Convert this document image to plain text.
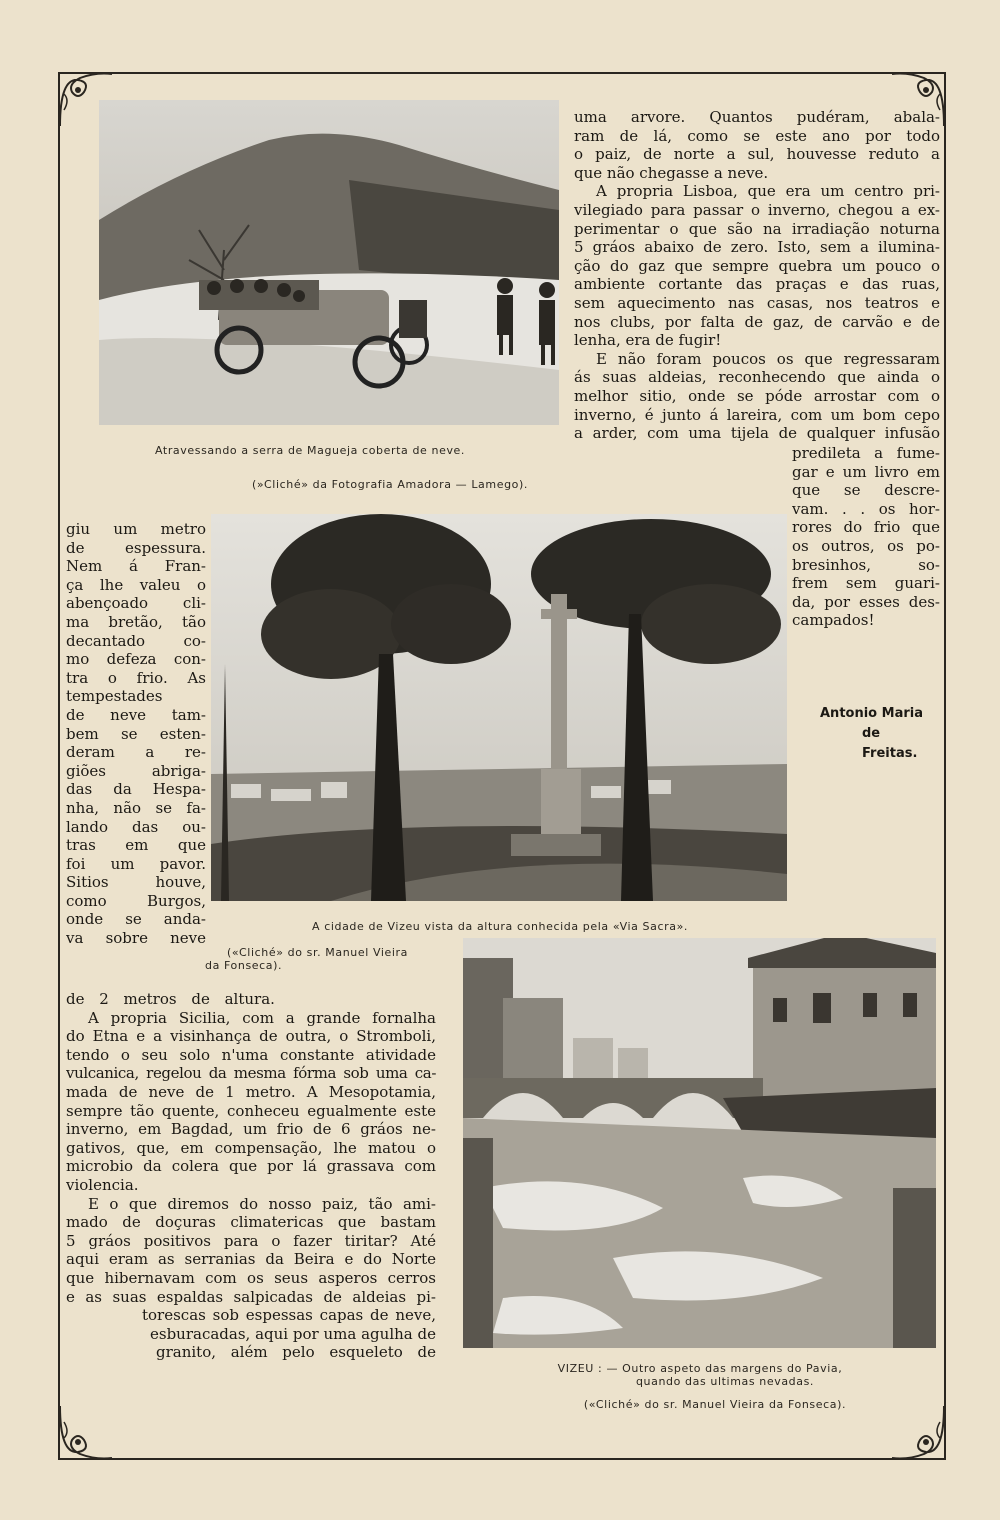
Atravessando a serra de Magueja coberta de neve.
(»Cliché» da Fotografia Amadora — Lamego).
uma arvore. Quantos pudéram, abala-
ram de lá, como se este ano por todo
o paiz, de norte a sul, houvesse reduto a
que não chegasse a neve.
A propria Lisboa, que era um centro pri-
vilegiado para passar o inverno, chegou a ex-
perimentar o que são na irradiação noturna
5 gráos abaixo de zero. Isto, sem a ilumina-
ção do gaz que sempre quebra um pouco o
ambiente cortante das praças e das ruas,
sem aquecimento nas casas, nos teatros e
nos clubs, por falta de gaz, de carvão e de
lenha, era de fugir!
E não foram poucos os que regressaram
ás suas aldeias, reconhecendo que ainda o
melhor sitio, onde se póde arrostar com o
inverno, é junto á lareira, com um bom cepo
a arder, com uma tijela de qualquer infusão
predileta a fume-
gar e um livro em
que se descre-
vam. . . os hor-
rores do frio que
os outros, os po-
bresinhos, so-
frem sem guari-
da, por esses des-
campados!
Antonio Maria
de Freitas.
A cidade de Vizeu vista da altura conhecida pela «Via Sacra».
(«Cliché» do sr. Manuel Vieira
da Fonseca).
giu um metro
de espessura.
Nem á Fran-
ça lhe valeu o
abençoado cli-
ma bretão, tão
decantado co-
mo defeza con-
tra o frio. As
tempestades
de neve tam-
bem se esten-
deram a re-
giões abriga-
das da Hespa-
nha, não se fa-
lando das ou-
tras em que
foi um pavor.
Sitios houve,
como Burgos,
onde se anda-
va sobre neve
de 2 metros de altura.
A propria Sicilia, com a grande fornalha
do Etna e a visinhança de outra, o Stromboli,
tendo o seu solo n'uma constante atividade
vulcanica, regelou da mesma fórma sob uma ca-
mada de neve de 1 metro. A Mesopotamia,
sempre tão quente, conheceu egualmente este
inverno, em Bagdad, um frio de 6 gráos ne-
gativos, que, em compensação, lhe matou o
microbio da colera que por lá grassava com
violencia.
E o que diremos do nosso paiz, tão ami-
mado de doçuras climatericas que bastam
5 gráos positivos para o fazer tiritar? Até
aqui eram as serranias da Beira e do Norte
que hibernavam com os seus asperos cerros
e as suas espaldas salpicadas de aldeias pi-
torescas sob espessas capas de neve,
esburacadas, aqui por uma agulha de
granito, além pelo esqueleto de
VIZEU : — Outro aspeto das margens do Pavia,
quando das ultimas nevadas.
(«Cliché» do sr. Manuel Vieira da Fonseca).
